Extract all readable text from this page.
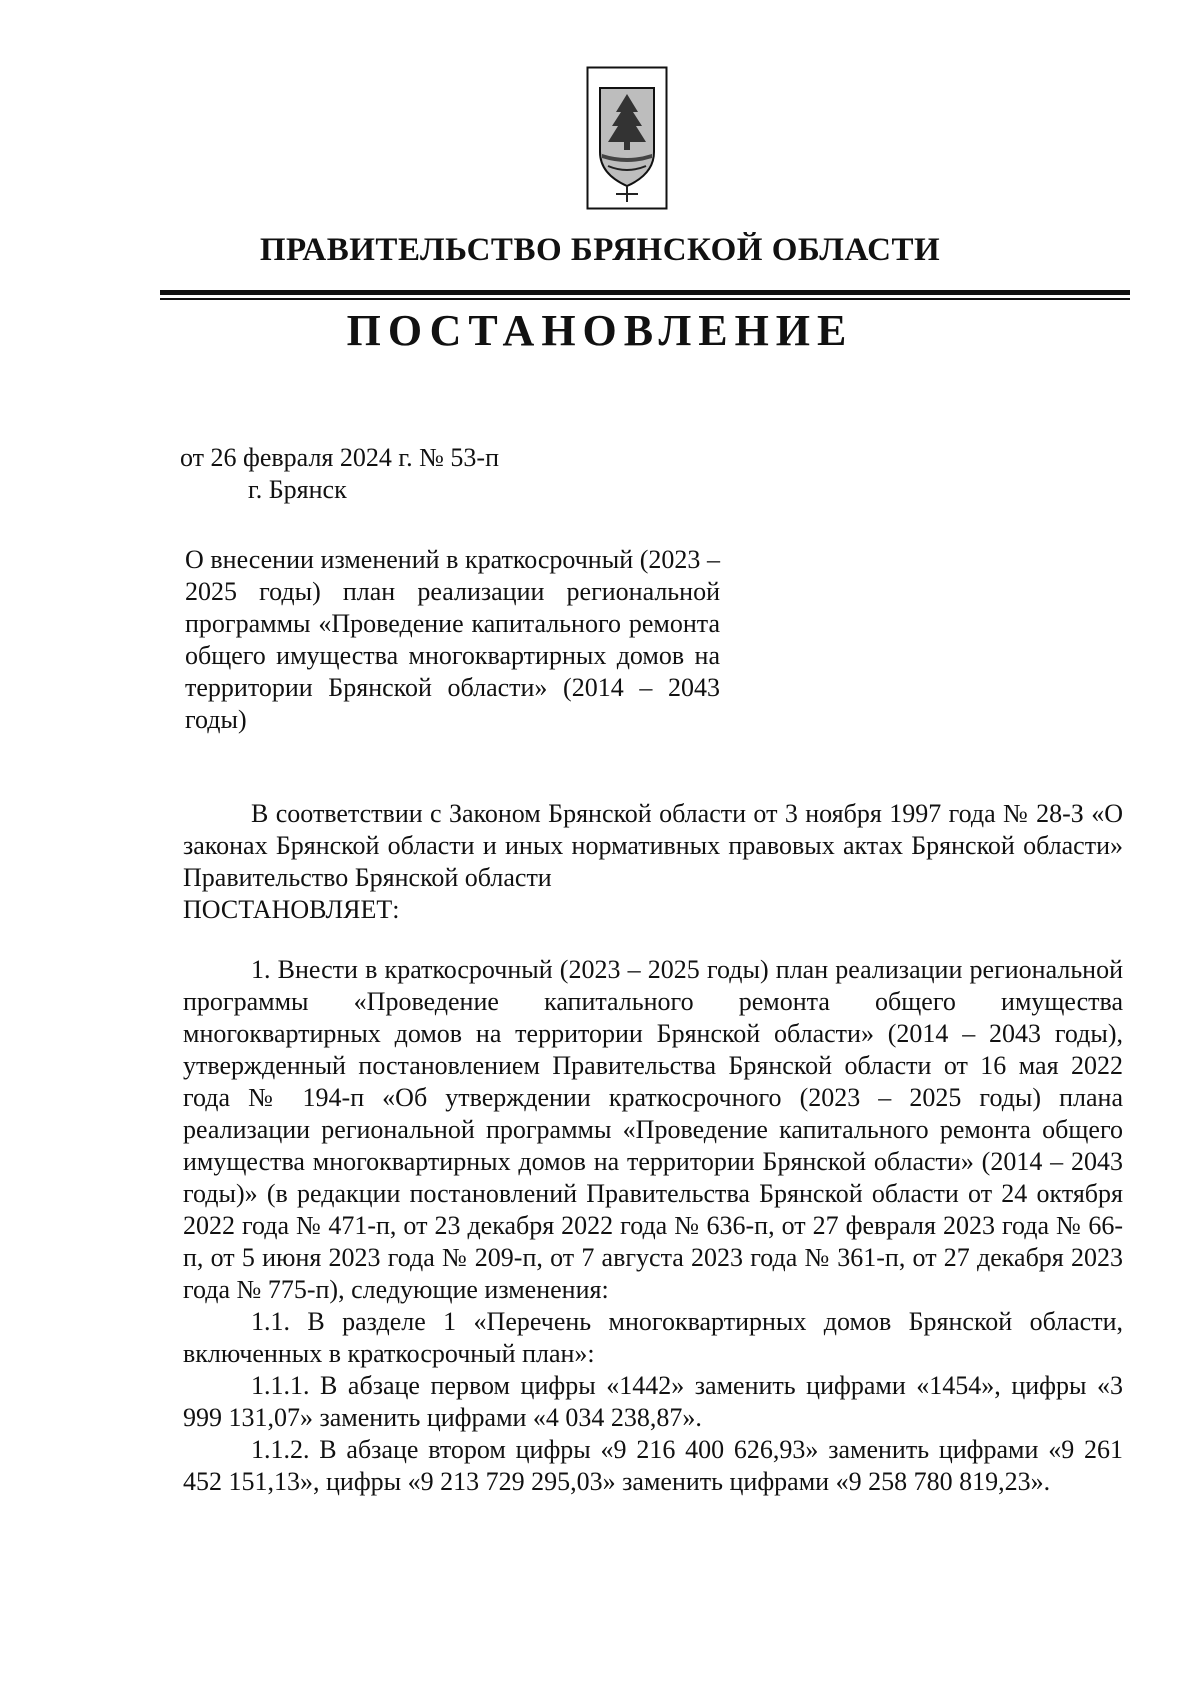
ПРАВИТЕЛЬСТВО БРЯНСКОЙ ОБЛАСТИ
ПОСТАНОВЛЕНИЕ
от 26 февраля 2024 г. № 53-п
г. Брянск
О внесении изменений в краткосрочный (2023 – 2025 годы) план реализации региональной программы «Проведение капитального ремонта общего имущества многоквартирных домов на территории Брянской области» (2014 – 2043 годы)

В соответствии с Законом Брянской области от 3 ноября 1997 года № 28-З «О законах Брянской области и иных нормативных правовых актах Брянской области» Правительство Брянской области

ПОСТАНОВЛЯЕТ:

1. Внести в краткосрочный (2023 – 2025 годы) план реализации региональной программы «Проведение капитального ремонта общего имущества многоквартирных домов на территории Брянской области» (2014 – 2043 годы), утвержденный постановлением Правительства Брянской области от 16 мая 2022 года № 194-п «Об утверждении краткосрочного (2023 – 2025 годы) плана реализации региональной программы «Проведение капитального ремонта общего имущества многоквартирных домов на территории Брянской области» (2014 – 2043 годы)» (в редакции постановлений Правительства Брянской области от 24 октября 2022 года № 471-п, от 23 декабря 2022 года № 636-п, от 27 февраля 2023 года № 66-п, от 5 июня 2023 года № 209-п, от 7 августа 2023 года № 361-п, от 27 декабря 2023 года № 775-п), следующие изменения:

1.1. В разделе 1 «Перечень многоквартирных домов Брянской области, включенных в краткосрочный план»:

1.1.1. В абзаце первом цифры «1442» заменить цифрами «1454», цифры «3 999 131,07» заменить цифрами «4 034 238,87».

1.1.2. В абзаце втором цифры «9 216 400 626,93» заменить цифрами «9 261 452 151,13», цифры «9 213 729 295,03» заменить цифрами «9 258 780 819,23».
